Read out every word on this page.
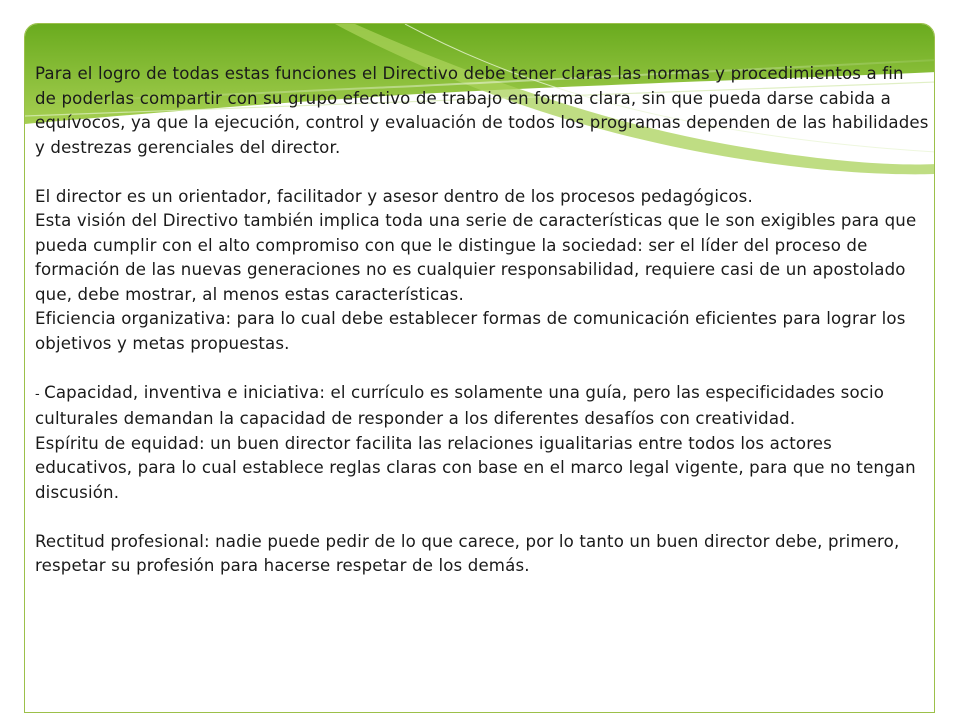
Para el logro de todas estas funciones el Directivo debe tener claras las normas y procedimientos a fin de poderlas compartir con su grupo efectivo de trabajo en forma clara, sin que pueda darse cabida a equívocos, ya que la ejecución, control y evaluación de todos los programas dependen de las habilidades y destrezas gerenciales del director.

El director es un orientador, facilitador y asesor dentro de los procesos pedagógicos.

Esta visión del Directivo también implica toda una serie de características que le son exigibles para que pueda cumplir con el alto compromiso con que le distingue la sociedad: ser el líder del proceso de formación de las nuevas generaciones no es cualquier responsabilidad, requiere casi de un apostolado que, debe mostrar, al menos estas características.

Eficiencia organizativa: para lo cual debe establecer formas de comunicación eficientes para lograr los objetivos y metas propuestas.

- Capacidad, inventiva e iniciativa: el currículo es solamente una guía, pero las especificidades socio culturales demandan la capacidad de responder a los diferentes desafíos con creatividad.

Espíritu de equidad: un buen director facilita las relaciones igualitarias entre todos los actores educativos, para lo cual establece reglas claras con base en el marco legal vigente, para que no tengan discusión.

Rectitud profesional: nadie puede pedir de lo que carece, por lo tanto un buen director debe, primero, respetar su profesión para hacerse respetar de los demás.
